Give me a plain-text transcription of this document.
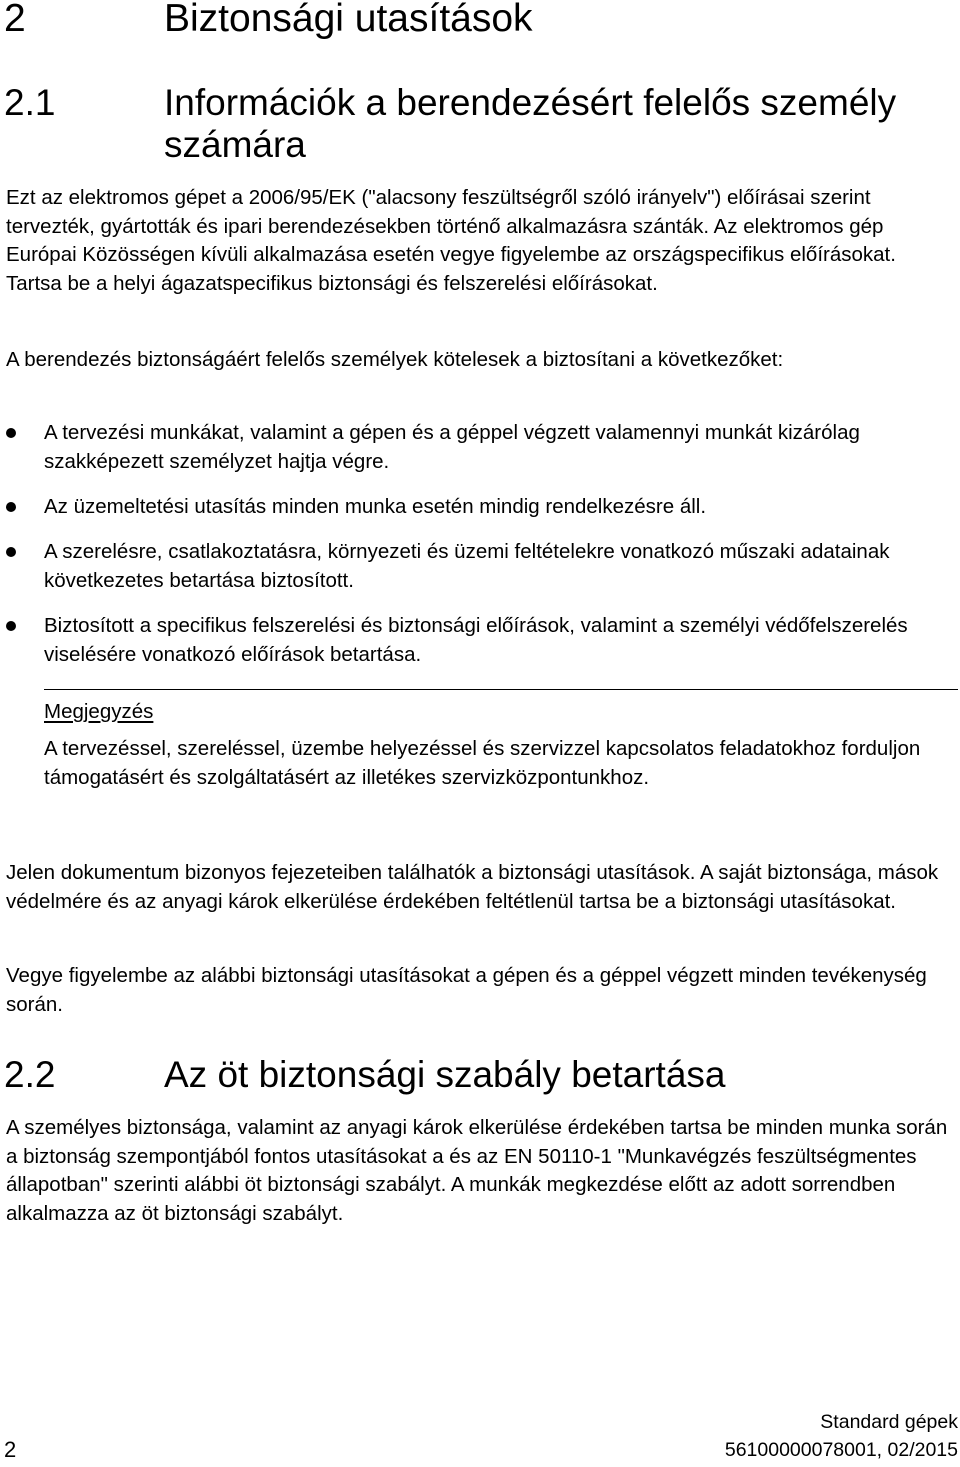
2	Biztonsági utasítások
2.1	Információk a berendezésért felelős személy számára

Ezt az elektromos gépet a 2006/95/EK ("alacsony feszültségről szóló irányelv") előírásai szerint tervezték, gyártották és ipari berendezésekben történő alkalmazásra szánták. Az elektromos gép Európai Közösségen kívüli alkalmazása esetén vegye figyelembe az országspecifikus előírásokat. Tartsa be a helyi ágazatspecifikus biztonsági és felszerelési előírásokat.

A berendezés biztonságáért felelős személyek kötelesek a biztosítani a következőket:

A tervezési munkákat, valamint a gépen és a géppel végzett valamennyi munkát kizárólag szakképezett személyzet hajtja végre.
Az üzemeltetési utasítás minden munka esetén mindig rendelkezésre áll.
A szerelésre, csatlakoztatásra, környezeti és üzemi feltételekre vonatkozó műszaki adatainak következetes betartása biztosított.
Biztosított a specifikus felszerelési és biztonsági előírások, valamint a személyi védőfelszerelés viselésére vonatkozó előírások betartása.
Megjegyzés

A tervezéssel, szereléssel, üzembe helyezéssel és szervizzel kapcsolatos feladatokhoz forduljon támogatásért és szolgáltatásért az illetékes szervizközpontunkhoz.

Jelen dokumentum bizonyos fejezeteiben találhatók a biztonsági utasítások. A saját biztonsága, mások védelmére és az anyagi károk elkerülése érdekében feltétlenül tartsa be a biztonsági utasításokat.

Vegye figyelembe az alábbi biztonsági utasításokat a gépen és a géppel végzett minden tevékenység során.

2.2	Az öt biztonsági szabály betartása

A személyes biztonsága, valamint az anyagi károk elkerülése érdekében tartsa be minden munka során a biztonság szempontjából fontos utasításokat a és az EN 50110‑1 "Munkavégzés feszültségmentes állapotban" szerinti alábbi öt biztonsági szabályt. A munkák megkezdése előtt az adott sorrendben alkalmazza az öt biztonsági szabályt.

2
Standard gépek
56100000078001, 02/2015
